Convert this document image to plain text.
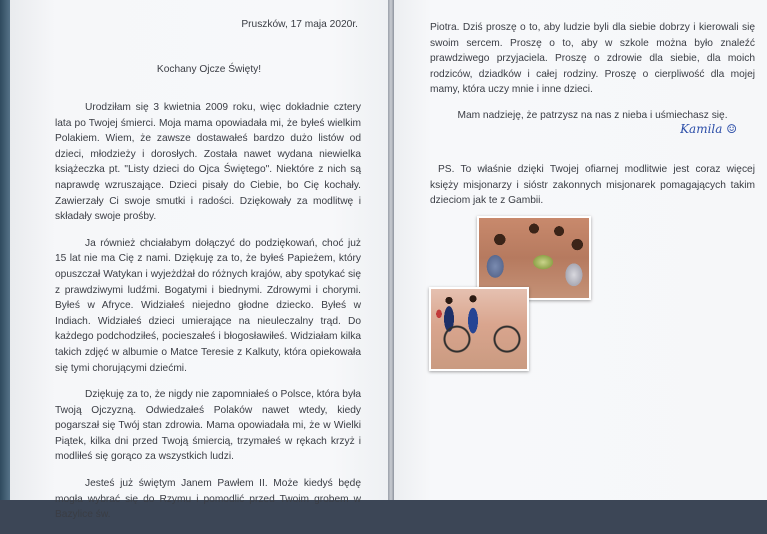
Pruszków, 17 maja 2020r.
Kochany Ojcze Święty!

Urodziłam się 3 kwietnia 2009 roku, więc dokładnie cztery lata po Twojej śmierci. Moja mama opowiadała mi, że byłeś wielkim Polakiem. Wiem, że zawsze dostawałeś bardzo dużo listów od dzieci, młodzieży i dorosłych. Została nawet wydana niewielka książeczka pt. "Listy dzieci do Ojca Świętego". Niektóre z nich są naprawdę wzruszające. Dzieci pisały do Ciebie, bo Cię kochały. Zawierzały Ci swoje smutki i radości. Dziękowały za modlitwę i składały swoje prośby.

Ja również chciałabym dołączyć do podziękowań, choć już 15 lat nie ma Cię z nami. Dziękuję za to, że byłeś Papieżem, który opuszczał Watykan i wyjeżdżał do różnych krajów, aby spotykać się z prawdziwymi ludźmi. Bogatymi i biednymi. Zdrowymi i chorymi. Byłeś w Afryce. Widziałeś niejedno głodne dziecko. Byłeś w Indiach. Widziałeś dzieci umierające na nieuleczalny trąd. Do każdego podchodziłeś, pocieszałeś i błogosławiłeś. Widziałam kilka takich zdjęć w albumie o Matce Teresie z Kalkuty, która opiekowała się tymi chorującymi dziećmi.

Dziękuję za to, że nigdy nie zapomniałeś o Polsce, która była Twoją Ojczyzną. Odwiedzałeś Polaków nawet wtedy, kiedy pogarszał się Twój stan zdrowia. Mama opowiadała mi, że w Wielki Piątek, kilka dni przed Twoją śmiercią, trzymałeś w rękach krzyż i modliłeś się gorąco za wszystkich ludzi.

Jesteś już świętym Janem Pawłem II. Może kiedyś będę mogła wybrać się do Rzymu i pomodlić przed Twoim grobem w Bazylice św.

Piotra. Dziś proszę o to, aby ludzie byli dla siebie dobrzy i kierowali się swoim sercem. Proszę o to, aby w szkole można było znaleźć prawdziwego przyjaciela. Proszę o zdrowie dla siebie, dla moich rodziców, dziadków i całej rodziny. Proszę o cierpliwość dla mojej mamy, która uczy mnie i inne dzieci.

Mam nadzieję, że patrzysz na nas z nieba i uśmiechasz się.

Kamila ☺

PS. To właśnie dzięki Twojej ofiarnej modlitwie jest coraz więcej księży misjonarzy i sióstr zakonnych misjonarek pomagających takim dzieciom jak te z Gambii.
